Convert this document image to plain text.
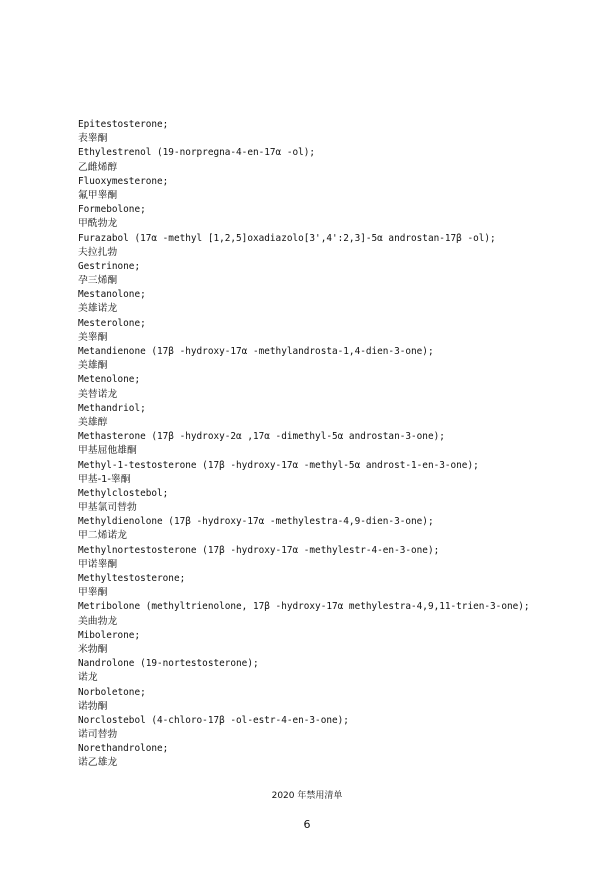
Epitestosterone;
表睾酮
Ethylestrenol (19-norpregna-4-en-17α -ol);
乙雌烯醇
Fluoxymesterone;
氟甲睾酮
Formebolone;
甲酰勃龙
Furazabol (17α -methyl [1,2,5]oxadiazolo[3',4':2,3]-5α androstan-17β -ol);
夫拉扎勃
Gestrinone;
孕三烯酮
Mestanolone;
美雄诺龙
Mesterolone;
美睾酮
Metandienone (17β -hydroxy-17α -methylandrosta-1,4-dien-3-one);
美雄酮
Metenolone;
美替诺龙
Methandriol;
美雄醇
Methasterone (17β -hydroxy-2α ,17α -dimethyl-5α androstan-3-one);
甲基屈他雄酮
Methyl-1-testosterone (17β -hydroxy-17α -methyl-5α androst-1-en-3-one);
甲基-1-睾酮
Methylclostebol;
甲基氯司替勃
Methyldienolone (17β -hydroxy-17α -methylestra-4,9-dien-3-one);
甲二烯诺龙
Methylnortestosterone (17β -hydroxy-17α -methylestr-4-en-3-one);
甲诺睾酮
Methyltestosterone;
甲睾酮
Metribolone (methyltrienolone, 17β -hydroxy-17α methylestra-4,9,11-trien-3-one);
美曲勃龙
Mibolerone;
米勃酮
Nandrolone (19-nortestosterone);
诺龙
Norboletone;
诺勃酮
Norclostebol (4-chloro-17β -ol-estr-4-en-3-one);
诺司替勃
Norethandrolone;
诺乙雄龙
2020 年禁用清单
6
